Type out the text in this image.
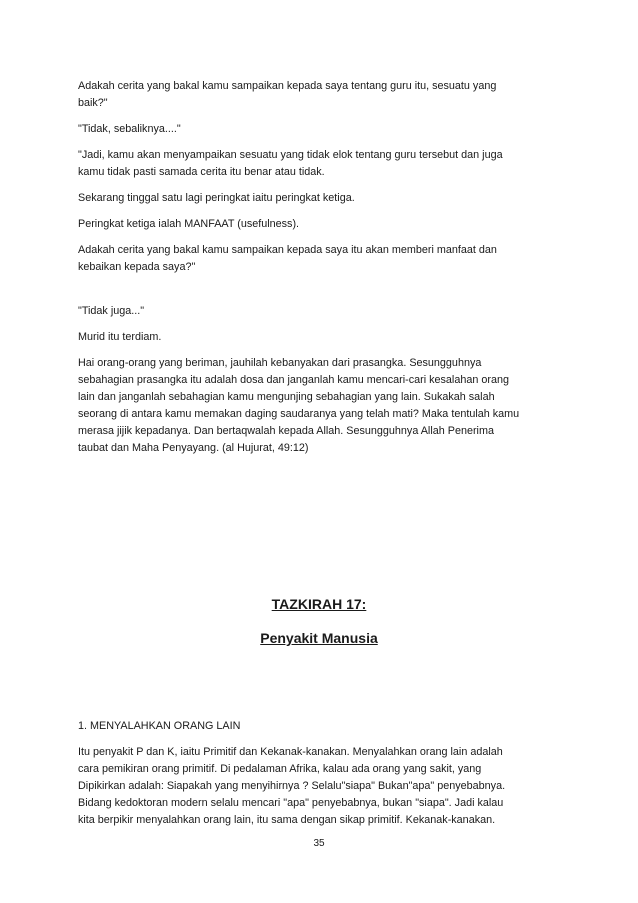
Adakah cerita yang bakal kamu sampaikan kepada saya tentang guru itu, sesuatu yang
baik?"

"Tidak, sebaliknya...."

"Jadi, kamu akan menyampaikan sesuatu yang tidak elok tentang guru tersebut dan juga
kamu tidak pasti samada cerita itu benar atau tidak.

Sekarang tinggal satu lagi peringkat iaitu peringkat ketiga.

Peringkat ketiga ialah MANFAAT (usefulness).

Adakah cerita yang bakal kamu sampaikan kepada saya itu akan memberi manfaat dan
kebaikan kepada saya?"

"Tidak juga..."

Murid itu terdiam.

Hai orang-orang yang beriman, jauhilah kebanyakan dari prasangka. Sesungguhnya
sebahagian prasangka itu adalah dosa dan janganlah kamu mencari-cari kesalahan orang
lain dan janganlah sebahagian kamu mengunjing sebahagian yang lain. Sukakah salah
seorang di antara kamu memakan daging saudaranya yang telah mati? Maka tentulah kamu
merasa jijik kepadanya. Dan bertaqwalah kepada Allah. Sesungguhnya Allah Penerima
taubat dan Maha Penyayang. (al Hujurat, 49:12)

TAZKIRAH 17:
Penyakit Manusia

1. MENYALAHKAN ORANG LAIN

Itu penyakit P dan K, iaitu Primitif dan Kekanak-kanakan. Menyalahkan orang lain adalah
cara pemikiran orang primitif. Di pedalaman Afrika, kalau ada orang yang sakit, yang
Dipikirkan adalah: Siapakah yang menyihirnya ? Selalu"siapa" Bukan"apa" penyebabnya.
Bidang kedoktoran modern selalu mencari "apa" penyebabnya, bukan "siapa". Jadi kalau
kita berpikir menyalahkan orang lain, itu sama dengan sikap primitif. Kekanak-kanakan.

35
